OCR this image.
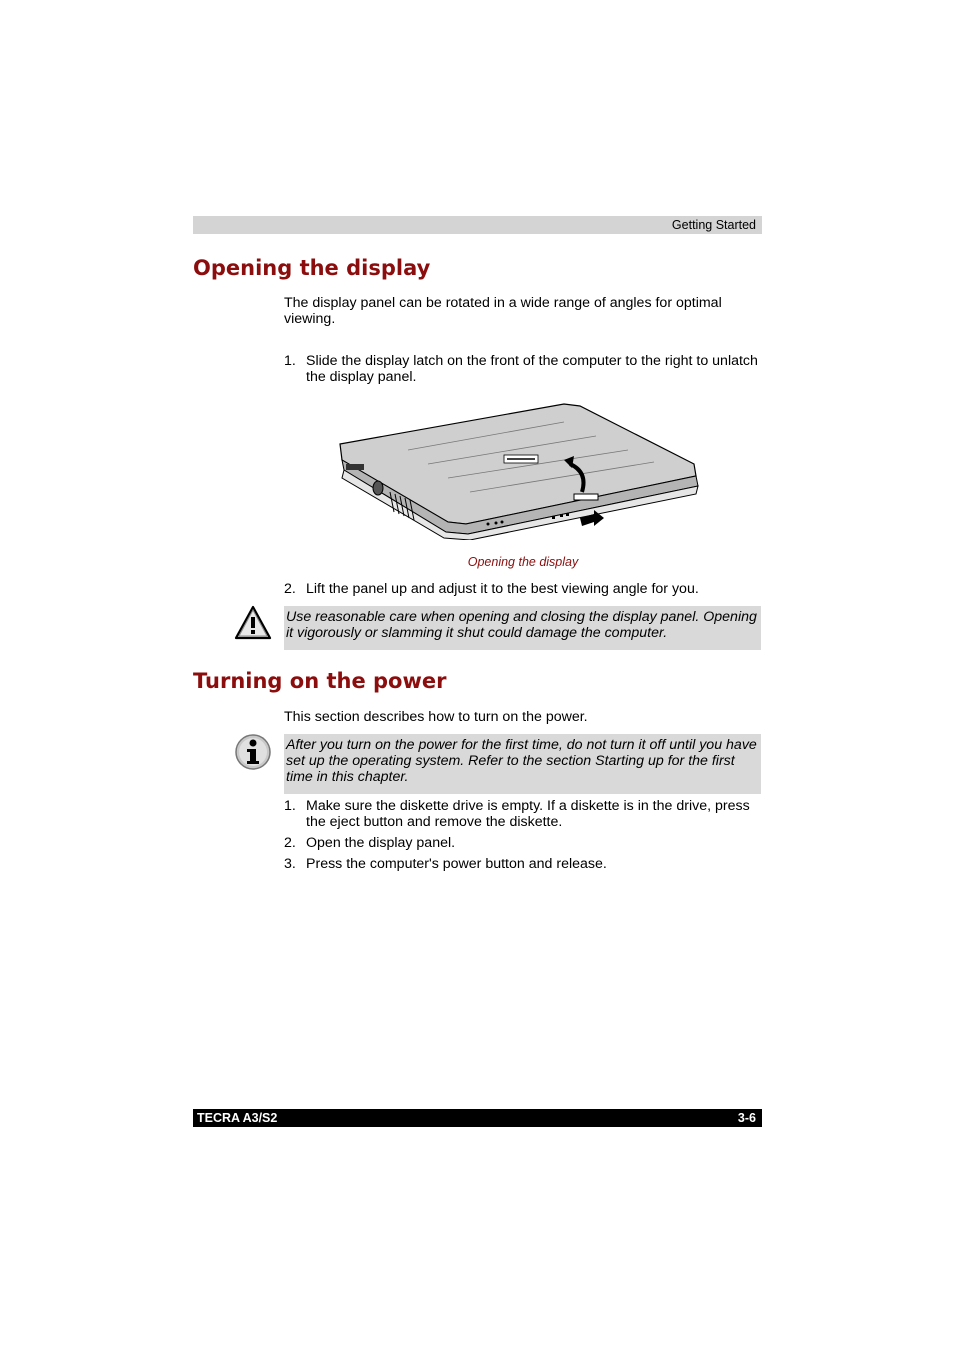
Getting Started
Opening the display
The display panel can be rotated in a wide range of angles for optimal viewing.
1. Slide the display latch on the front of the computer to the right to unlatch the display panel.
Opening the display
2. Lift the panel up and adjust it to the best viewing angle for you.
Use reasonable care when opening and closing the display panel. Opening it vigorously or slamming it shut could damage the computer.
Turning on the power
This section describes how to turn on the power.
After you turn on the power for the first time, do not turn it off until you have set up the operating system. Refer to the section Starting up for the first time in this chapter.
1. Make sure the diskette drive is empty. If a diskette is in the drive, press the eject button and remove the diskette.
2. Open the display panel.
3. Press the computer's power button and release.
TECRA A3/S2	3-6
